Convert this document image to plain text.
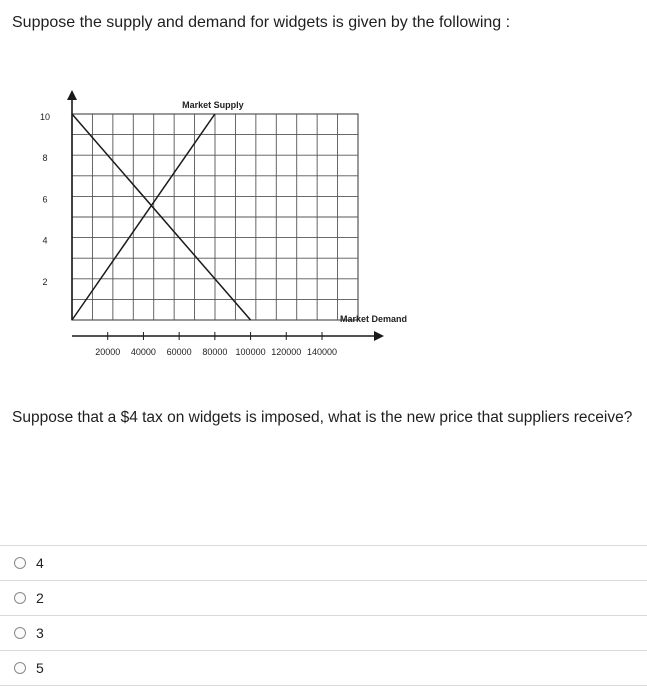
Suppose the supply and demand for widgets is given by the following :
20000 40000 60000 80000 100000 120000 140000
2
4
6
8
10
Market Supply
Market Demand

Suppose that a $4 tax on widgets is imposed, what is the new price that suppliers receive?

4
2
3
5
